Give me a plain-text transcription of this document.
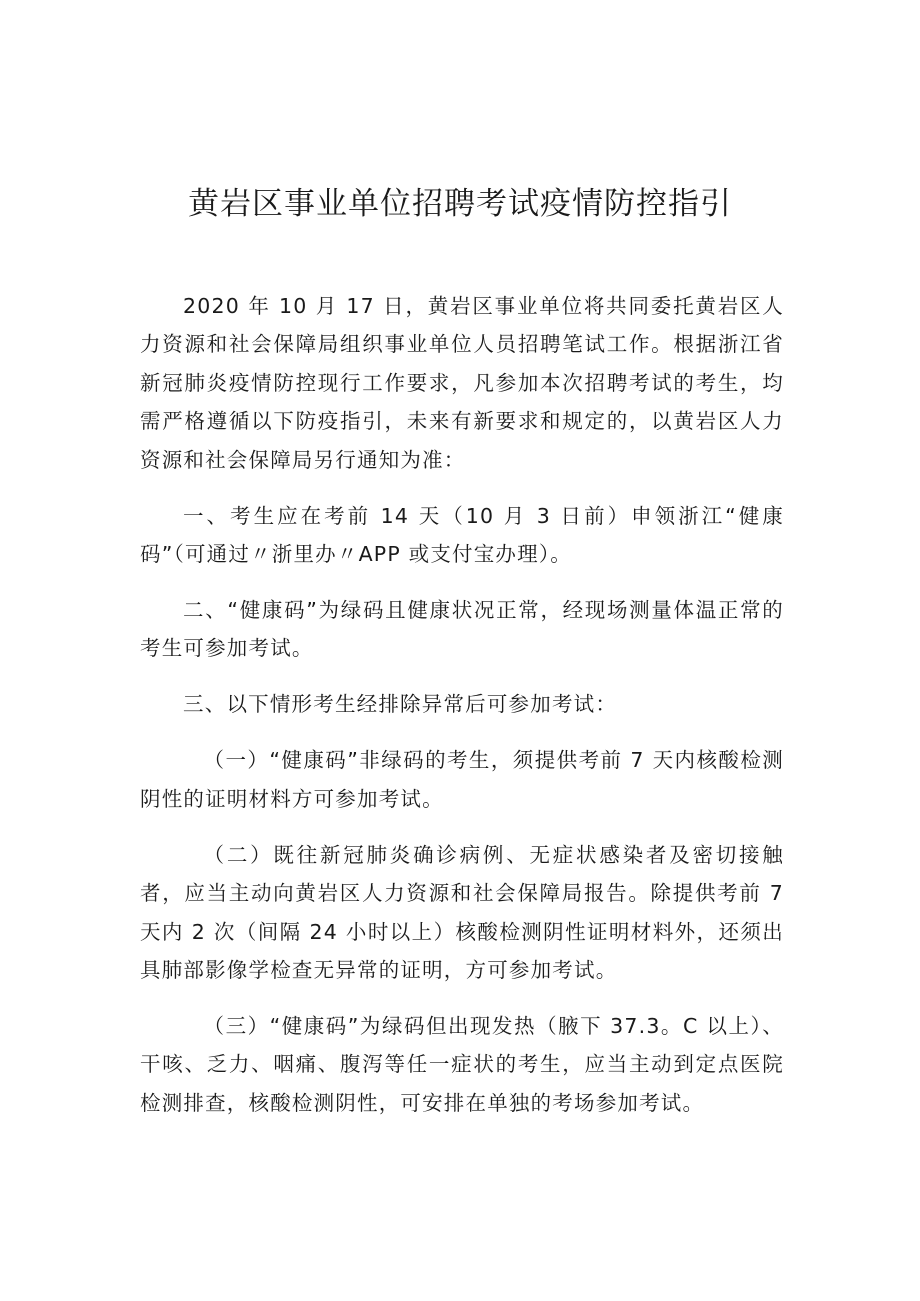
黄岩区事业单位招聘考试疫情防控指引

2020 年 10 月 17 日，黄岩区事业单位将共同委托黄岩区人力资源和社会保障局组织事业单位人员招聘笔试工作。根据浙江省新冠肺炎疫情防控现行工作要求，凡参加本次招聘考试的考生，均需严格遵循以下防疫指引，未来有新要求和规定的，以黄岩区人力资源和社会保障局另行通知为准：

一、考生应在考前 14 天（10 月 3 日前）申领浙江“健康码”（可通过〃浙里办〃APP 或支付宝办理）。

二、“健康码”为绿码且健康状况正常，经现场测量体温正常的考生可参加考试。

三、以下情形考生经排除异常后可参加考试：

（一）“健康码”非绿码的考生，须提供考前 7 天内核酸检测阴性的证明材料方可参加考试。

（二）既往新冠肺炎确诊病例、无症状感染者及密切接触者，应当主动向黄岩区人力资源和社会保障局报告。除提供考前 7 天内 2 次（间隔 24 小时以上）核酸检测阴性证明材料外，还须出具肺部影像学检查无异常的证明，方可参加考试。

（三）“健康码”为绿码但出现发热（腋下 37.3。C 以上）、干咳、乏力、咽痛、腹泻等任一症状的考生，应当主动到定点医院检测排查，核酸检测阴性，可安排在单独的考场参加考试。
